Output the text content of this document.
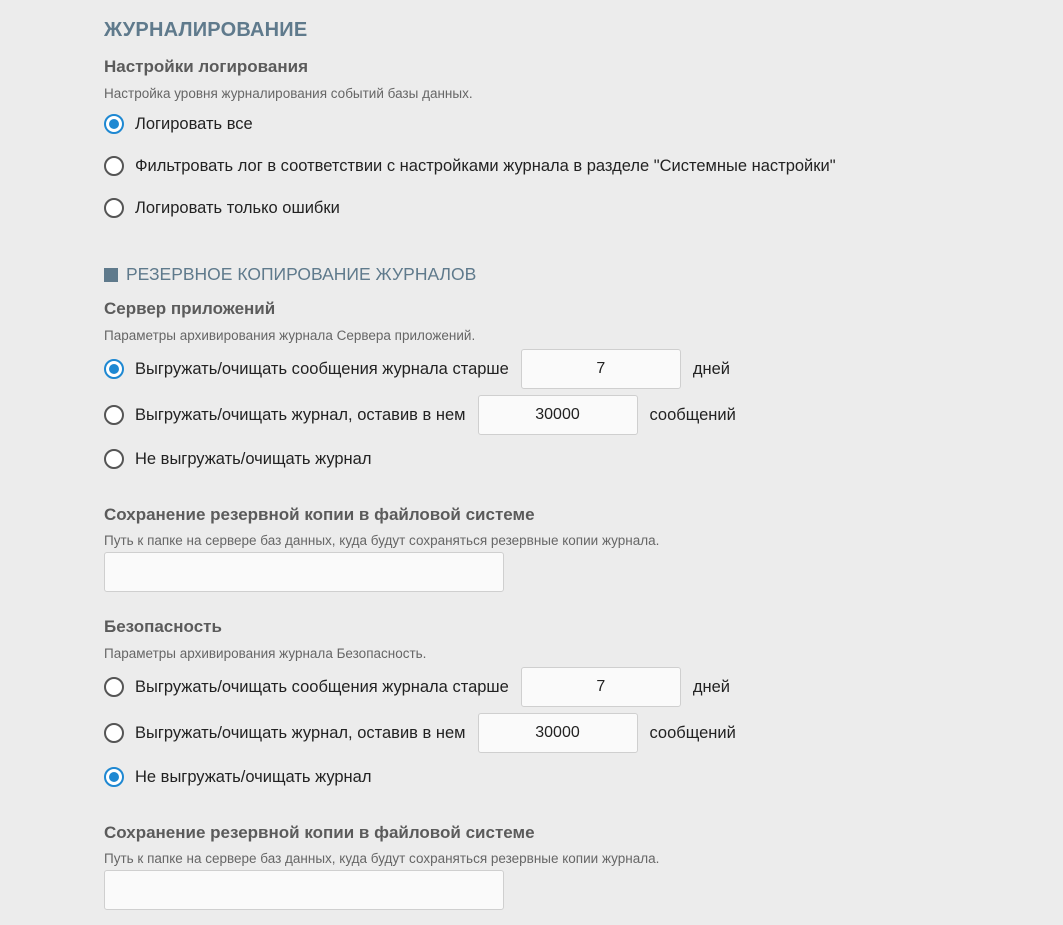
ЖУРНАЛИРОВАНИЕ
Настройки логирования
Настройка уровня журналирования событий базы данных.
Логировать все
Фильтровать лог в соответствии с настройками журнала в разделе "Системные настройки"
Логировать только ошибки
РЕЗЕРВНОЕ КОПИРОВАНИЕ ЖУРНАЛОВ
Сервер приложений
Параметры архивирования журнала Сервера приложений.
Выгружать/очищать сообщения журнала старше
7	дней
Выгружать/очищать журнал, оставив в нем
30000	сообщений
Не выгружать/очищать журнал
Сохранение резервной копии в файловой системе
Путь к папке на сервере баз данных, куда будут сохраняться резервные копии журнала.
Безопасность
Параметры архивирования журнала Безопасность.
Выгружать/очищать сообщения журнала старше
7	дней
Выгружать/очищать журнал, оставив в нем
30000	сообщений
Не выгружать/очищать журнал
Сохранение резервной копии в файловой системе
Путь к папке на сервере баз данных, куда будут сохраняться резервные копии журнала.
